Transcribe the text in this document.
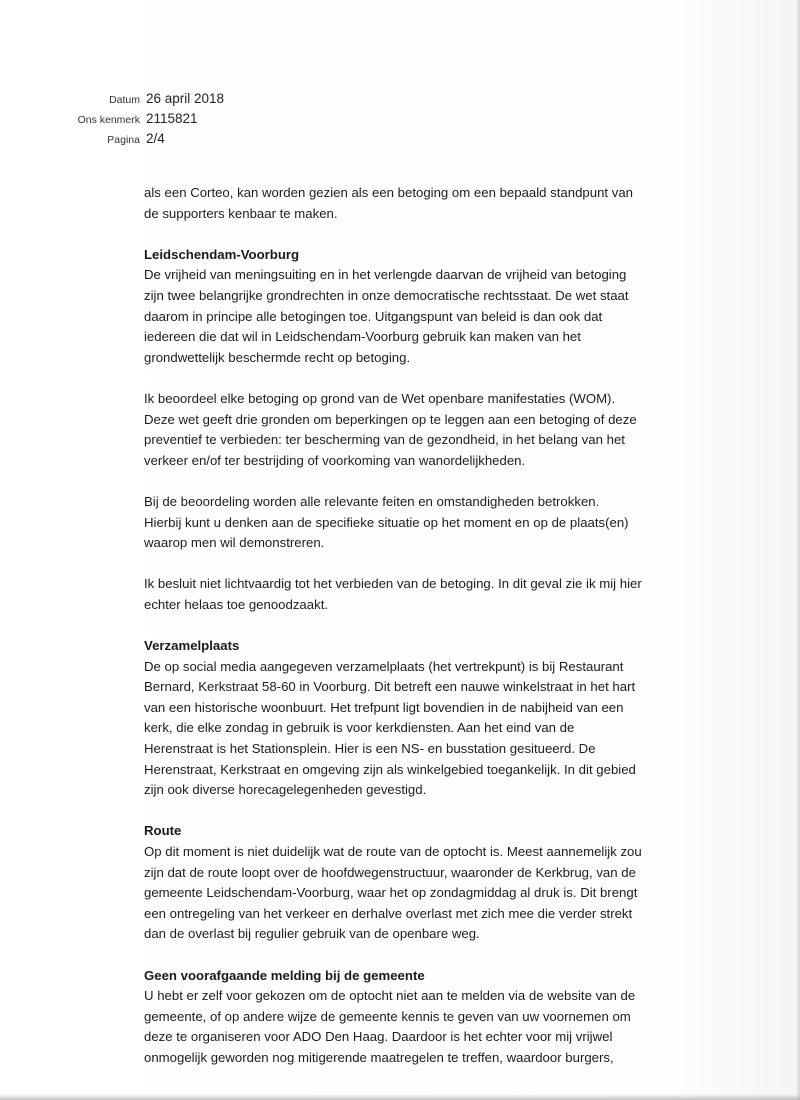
Datum 26 april 2018
Ons kenmerk 2115821
Pagina 2/4

als een Corteo, kan worden gezien als een betoging om een bepaald standpunt van
de supporters kenbaar te maken.

Leidschendam-Voorburg

De vrijheid van meningsuiting en in het verlengde daarvan de vrijheid van betoging
zijn twee belangrijke grondrechten in onze democratische rechtsstaat. De wet staat
daarom in principe alle betogingen toe. Uitgangspunt van beleid is dan ook dat
iedereen die dat wil in Leidschendam-Voorburg gebruik kan maken van het
grondwettelijk beschermde recht op betoging.

Ik beoordeel elke betoging op grond van de Wet openbare manifestaties (WOM).
Deze wet geeft drie gronden om beperkingen op te leggen aan een betoging of deze
preventief te verbieden: ter bescherming van de gezondheid, in het belang van het
verkeer en/of ter bestrijding of voorkoming van wanordelijkheden.

Bij de beoordeling worden alle relevante feiten en omstandigheden betrokken.
Hierbij kunt u denken aan de specifieke situatie op het moment en op de plaats(en)
waarop men wil demonstreren.

Ik besluit niet lichtvaardig tot het verbieden van de betoging. In dit geval zie ik mij hier
echter helaas toe genoodzaakt.

Verzamelplaats

De op social media aangegeven verzamelplaats (het vertrekpunt) is bij Restaurant
Bernard, Kerkstraat 58-60 in Voorburg. Dit betreft een nauwe winkelstraat in het hart
van een historische woonbuurt. Het trefpunt ligt bovendien in de nabijheid van een
kerk, die elke zondag in gebruik is voor kerkdiensten. Aan het eind van de
Herenstraat is het Stationsplein. Hier is een NS- en busstation gesitueerd. De
Herenstraat, Kerkstraat en omgeving zijn als winkelgebied toegankelijk. In dit gebied
zijn ook diverse horecagelegenheden gevestigd.

Route

Op dit moment is niet duidelijk wat de route van de optocht is. Meest aannemelijk zou
zijn dat de route loopt over de hoofdwegenstructuur, waaronder de Kerkbrug, van de
gemeente Leidschendam-Voorburg, waar het op zondagmiddag al druk is. Dit brengt
een ontregeling van het verkeer en derhalve overlast met zich mee die verder strekt
dan de overlast bij regulier gebruik van de openbare weg.

Geen voorafgaande melding bij de gemeente

U hebt er zelf voor gekozen om de optocht niet aan te melden via de website van de
gemeente, of op andere wijze de gemeente kennis te geven van uw voornemen om
deze te organiseren voor ADO Den Haag. Daardoor is het echter voor mij vrijwel
onmogelijk geworden nog mitigerende maatregelen te treffen, waardoor burgers,
